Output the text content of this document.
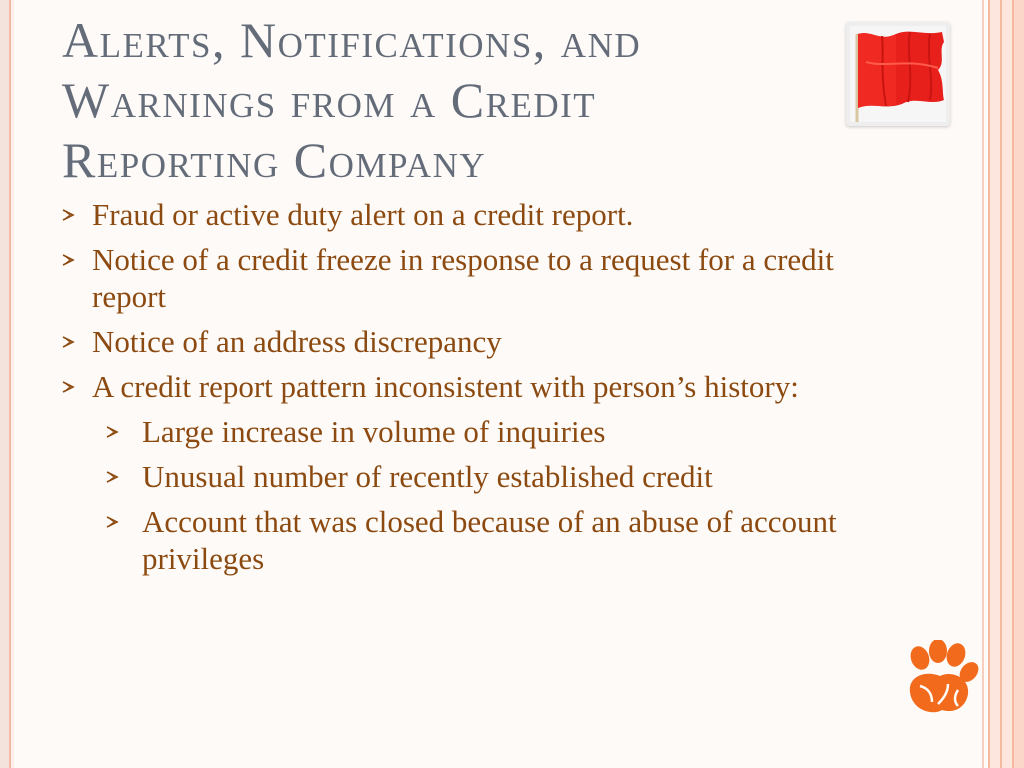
Alerts, Notifications, and Warnings from a Credit Reporting Company
Fraud or active duty alert on a credit report.
Notice of a credit freeze in response to a request for a credit report
Notice of an address discrepancy
A credit report pattern inconsistent with person’s history:
Large increase in volume of inquiries
Unusual number of recently established credit
Account that was closed because of an abuse of account privileges
